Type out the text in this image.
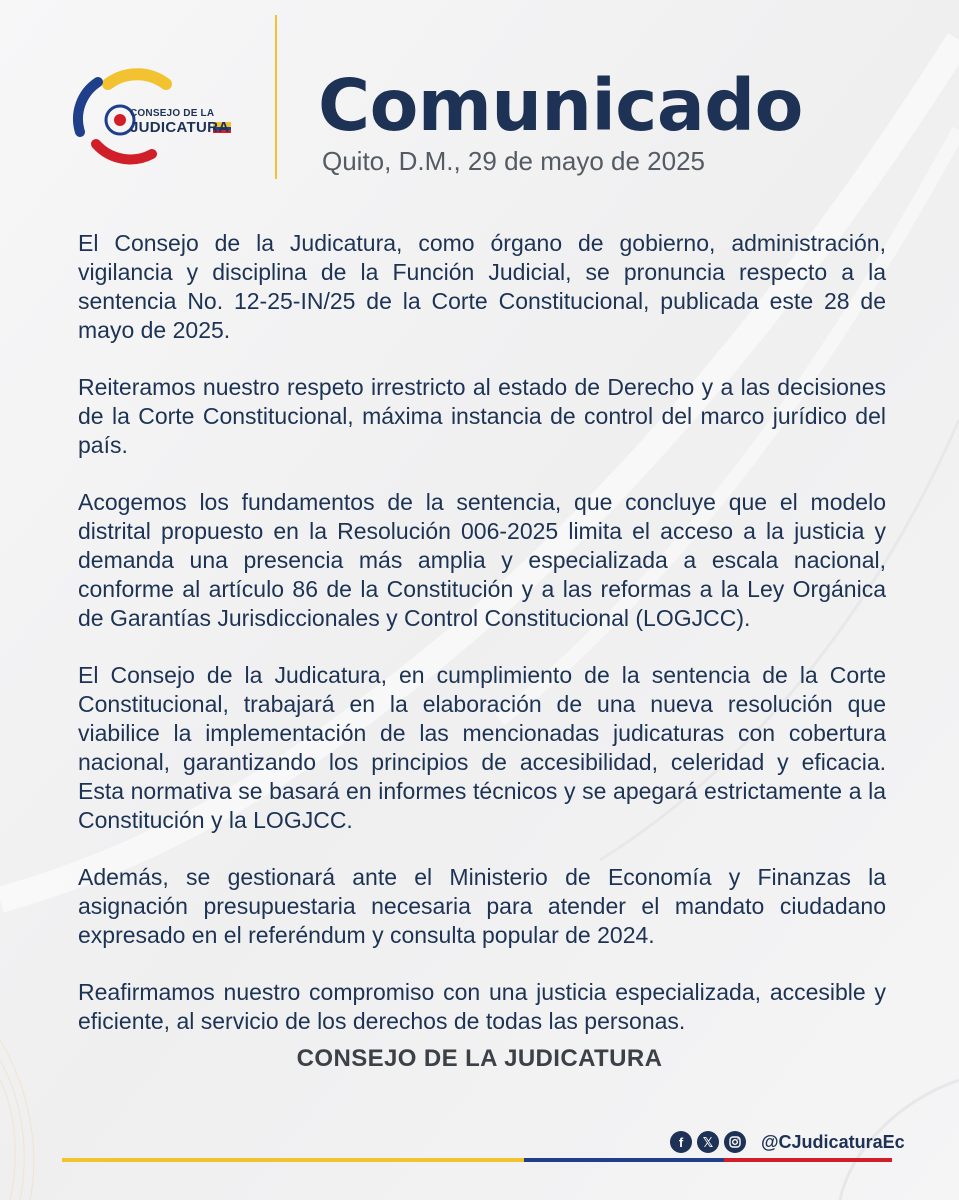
CONSEJO DE LA
JUDICATURA Comunicado
Quito, D.M., 29 de mayo de 2025

El Consejo de la Judicatura, como órgano de gobierno, administración, vigilancia y disciplina de la Función Judicial, se pronuncia respecto a la sentencia No. 12-25-IN/25 de la Corte Constitucional, publicada este 28 de mayo de 2025.

Reiteramos nuestro respeto irrestricto al estado de Derecho y a las decisiones de la Corte Constitucional, máxima instancia de control del marco jurídico del país.

Acogemos los fundamentos de la sentencia, que concluye que el modelo distrital propuesto en la Resolución 006-2025 limita el acceso a la justicia y demanda una presencia más amplia y especializada a escala nacional, conforme al artículo 86 de la Constitución y a las reformas a la Ley Orgánica de Garantías Jurisdiccionales y Control Constitucional (LOGJCC).

El Consejo de la Judicatura, en cumplimiento de la sentencia de la Corte Constitucional, trabajará en la elaboración de una nueva resolución que viabilice la implementación de las mencionadas judicaturas con cobertura nacional, garantizando los principios de accesibilidad, celeridad y eficacia. Esta normativa se basará en informes técnicos y se apegará estrictamente a la Constitución y la LOGJCC.

Además, se gestionará ante el Ministerio de Economía y Finanzas la asignación presupuestaria necesaria para atender el mandato ciudadano expresado en el referéndum y consulta popular de 2024.

Reafirmamos nuestro compromiso con una justicia especializada, accesible y eficiente, al servicio de los derechos de todas las personas.

CONSEJO DE LA JUDICATURA
f	𝕏	@CJudicaturaEc
